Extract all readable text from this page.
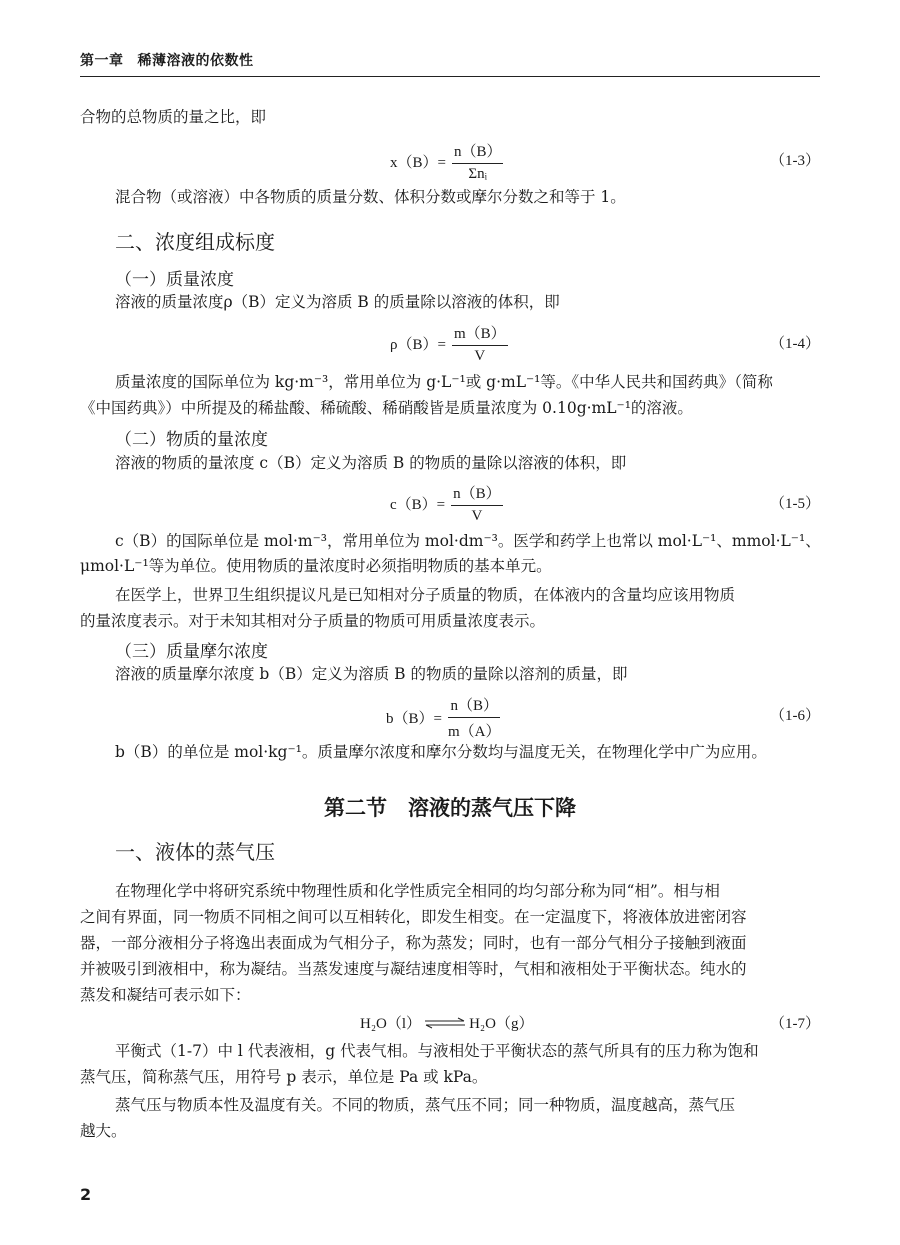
第一章 稀薄溶液的依数性
合物的总物质的量之比，即
$x(B)= \frac{n(B)}{\text{Σnᵢ}}$	（1-3）
混合物（或溶液）中各物质的质量分数、体积分数或摩尔分数之和等于 1。
二、浓度组成标度
（一）质量浓度
溶液的质量浓度ρ（B）定义为溶质 B 的质量除以溶液的体积，即
$\rho(B)= \frac{m(B)}{V}$	（1-4）
质量浓度的国际单位为 kg·m⁻³，常用单位为 g·L⁻¹或 g·mL⁻¹等。《中华人民共和国药典》（简称
《中国药典》）中所提及的稀盐酸、稀硫酸、稀硝酸皆是质量浓度为 0.10g·mL⁻¹的溶液。
（二）物质的量浓度
溶液的物质的量浓度 c（B）定义为溶质 B 的物质的量除以溶液的体积，即
$c(B)= \frac{n(B)}{V}$	（1-5）
c（B）的国际单位是 mol·m⁻³，常用单位为 mol·dm⁻³。医学和药学上也常以 mol·L⁻¹、mmol·L⁻¹、
μmol·L⁻¹等为单位。使用物质的量浓度时必须指明物质的基本单元。
在医学上，世界卫生组织提议凡是已知相对分子质量的物质，在体液内的含量均应该用物质
的量浓度表示。对于未知其相对分子质量的物质可用质量浓度表示。
（三）质量摩尔浓度
溶液的质量摩尔浓度 b（B）定义为溶质 B 的物质的量除以溶剂的质量，即
$b(B)= \frac{n(B)}{m(A)}$	（1-6）
b（B）的单位是 mol·kg⁻¹。质量摩尔浓度和摩尔分数均与温度无关，在物理化学中广为应用。
第二节　溶液的蒸气压下降
一、液体的蒸气压
在物理化学中将研究系统中物理性质和化学性质完全相同的均匀部分称为同“相”。相与相
之间有界面，同一物质不同相之间可以互相转化，即发生相变。在一定温度下，将液体放进密闭容
器，一部分液相分子将逸出表面成为气相分子，称为蒸发；同时，也有一部分气相分子接触到液面
并被吸引到液相中，称为凝结。当蒸发速度与凝结速度相等时，气相和液相处于平衡状态。纯水的
蒸发和凝结可表示如下：
H₂O（l） ⇌ H₂O（g）	（1-7）
平衡式（1-7）中 l 代表液相，g 代表气相。与液相处于平衡状态的蒸气所具有的压力称为饱和
蒸气压，简称蒸气压，用符号 p 表示，单位是 Pa 或 kPa。
蒸气压与物质本性及温度有关。不同的物质，蒸气压不同；同一种物质，温度越高，蒸气压
越大。
2
